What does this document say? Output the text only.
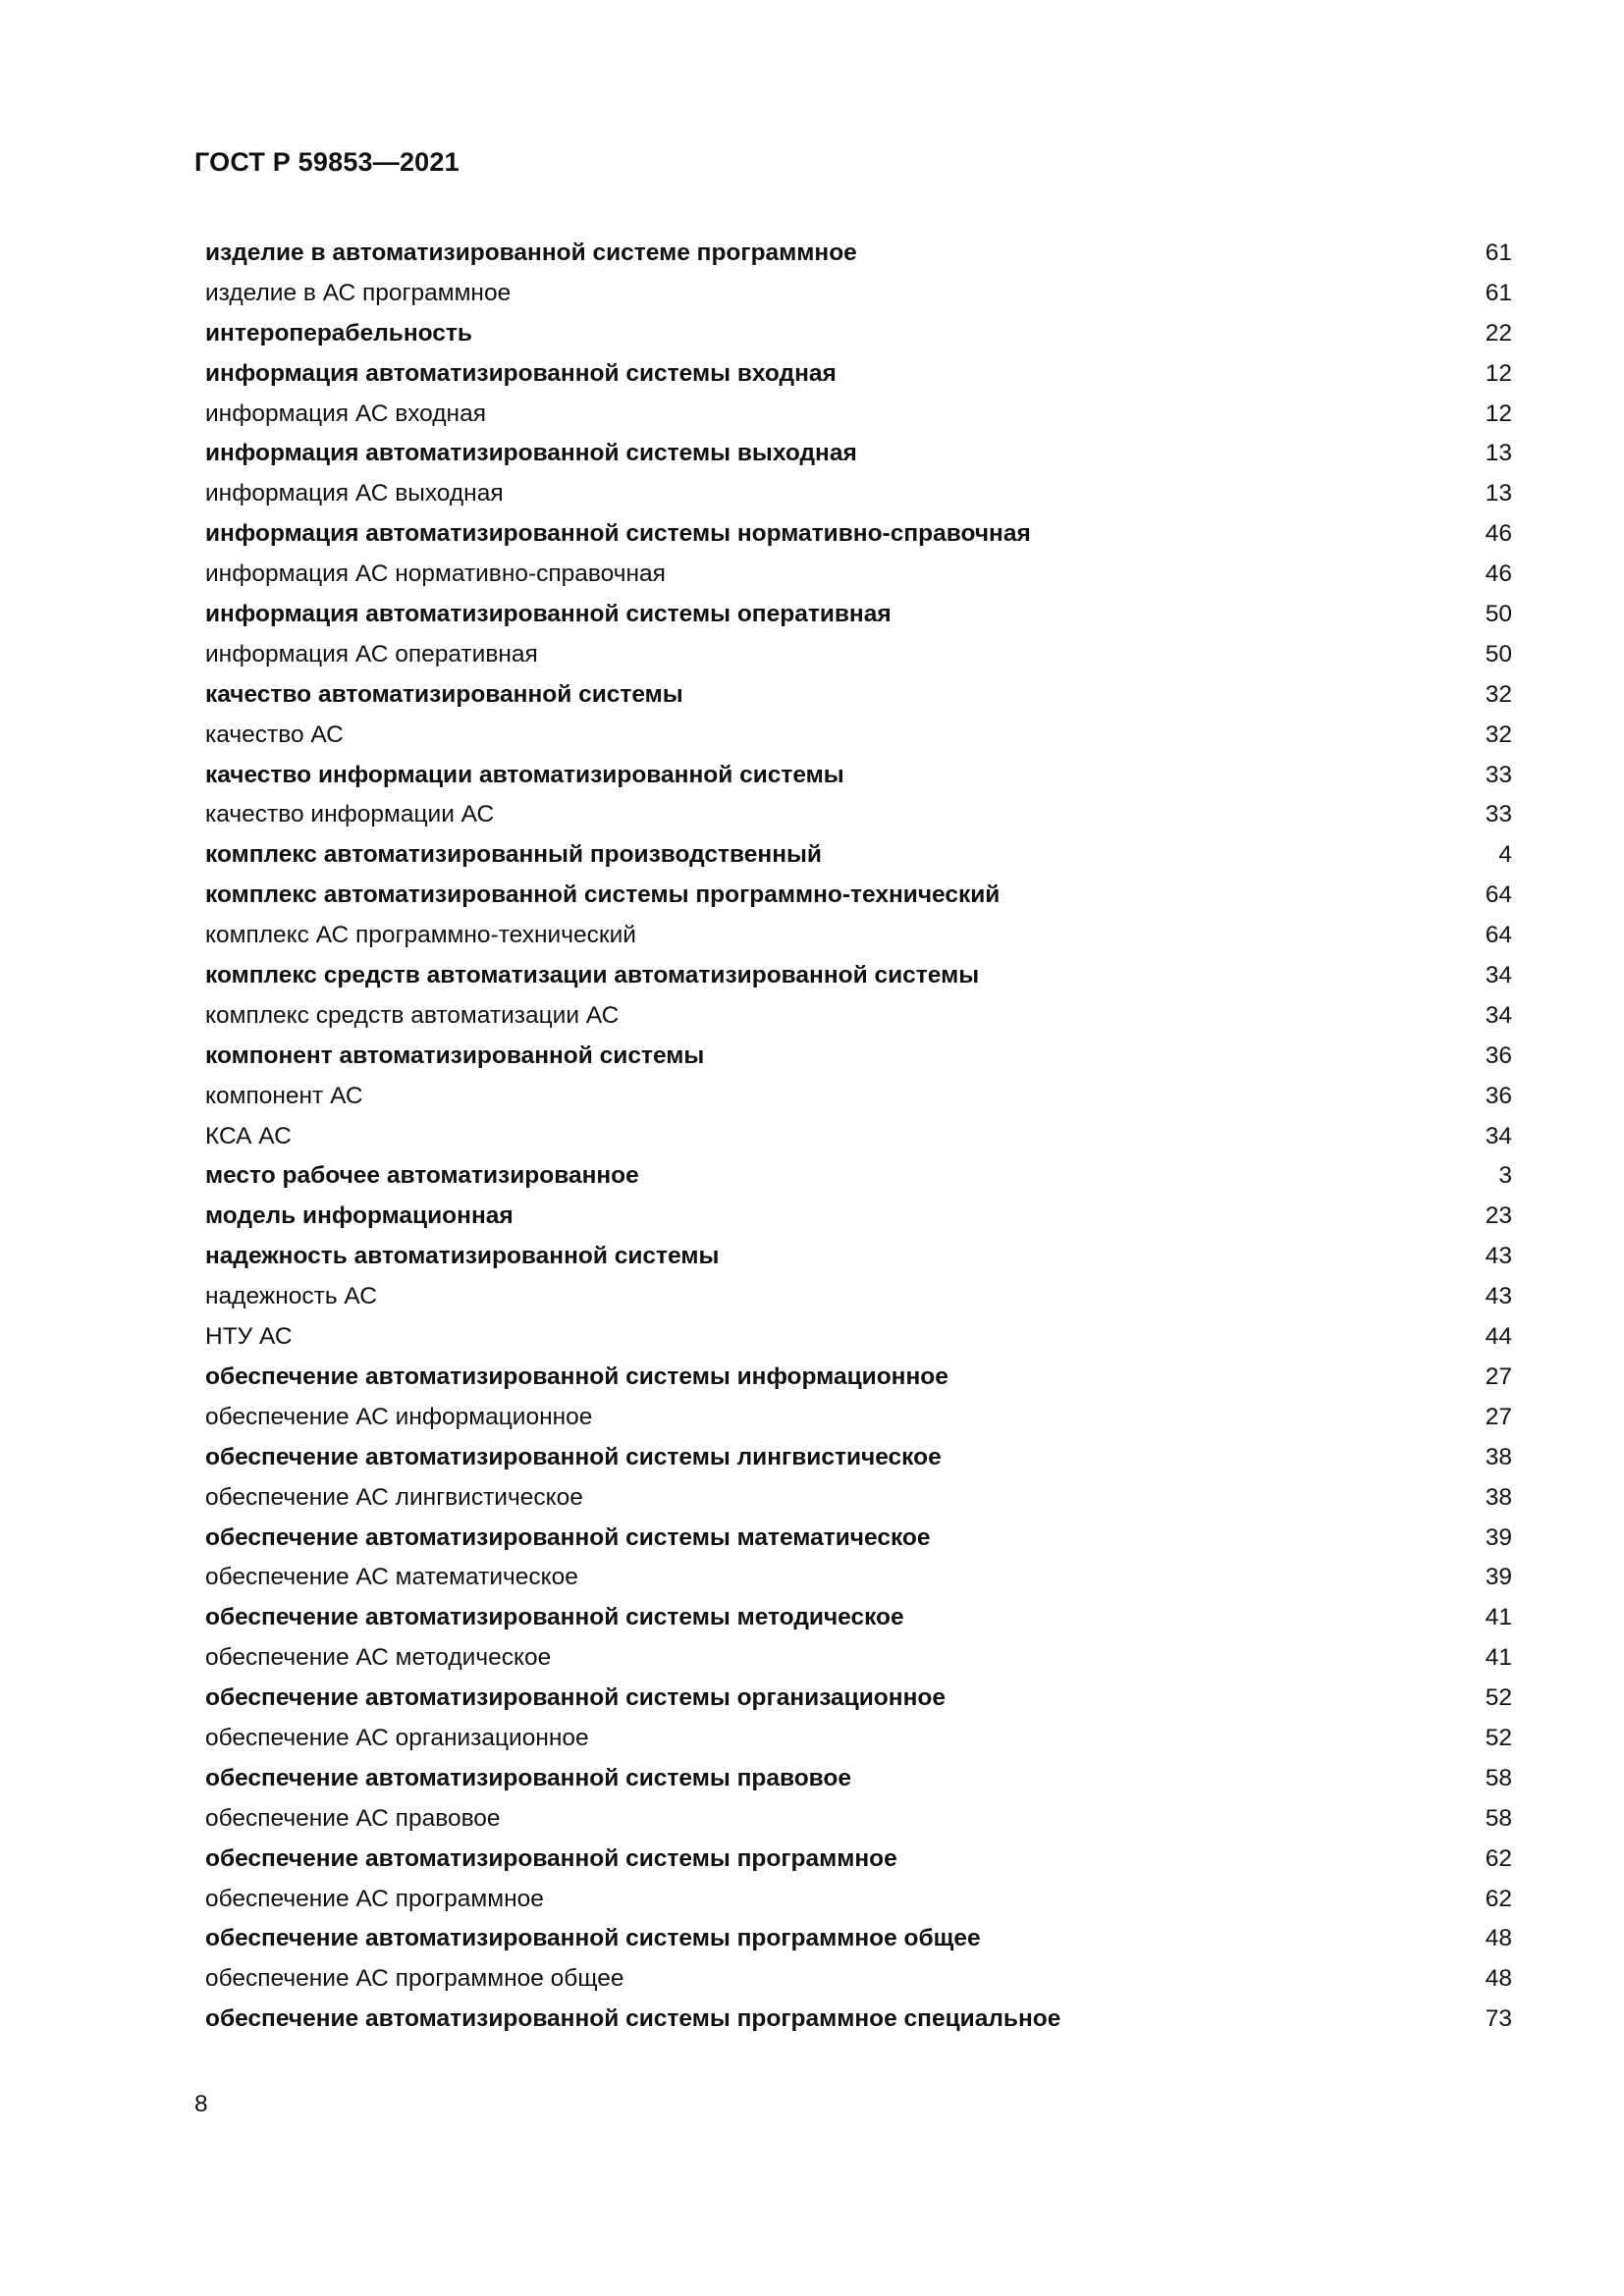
ГОСТ Р 59853—2021
изделие в автоматизированной системе программное	61
изделие в АС программное	61
интероперабельность	22
информация автоматизированной системы входная	12
информация АС входная	12
информация автоматизированной системы выходная	13
информация АС выходная	13
информация автоматизированной системы нормативно-справочная	46
информация АС нормативно-справочная	46
информация автоматизированной системы оперативная	50
информация АС оперативная	50
качество автоматизированной системы	32
качество АС	32
качество информации автоматизированной системы	33
качество информации АС	33
комплекс автоматизированный производственный	4
комплекс автоматизированной системы программно-технический	64
комплекс АС программно-технический	64
комплекс средств автоматизации автоматизированной системы	34
комплекс средств автоматизации АС	34
компонент автоматизированной системы	36
компонент АС	36
КСА АС	34
место рабочее автоматизированное	3
модель информационная	23
надежность автоматизированной системы	43
надежность АС	43
НТУ АС	44
обеспечение автоматизированной системы информационное	27
обеспечение АС информационное	27
обеспечение автоматизированной системы лингвистическое	38
обеспечение АС лингвистическое	38
обеспечение автоматизированной системы математическое	39
обеспечение АС математическое	39
обеспечение автоматизированной системы методическое	41
обеспечение АС методическое	41
обеспечение автоматизированной системы организационное	52
обеспечение АС организационное	52
обеспечение автоматизированной системы правовое	58
обеспечение АС правовое	58
обеспечение автоматизированной системы программное	62
обеспечение АС программное	62
обеспечение автоматизированной системы программное общее	48
обеспечение АС программное общее	48
обеспечение автоматизированной системы программное специальное	73
8
